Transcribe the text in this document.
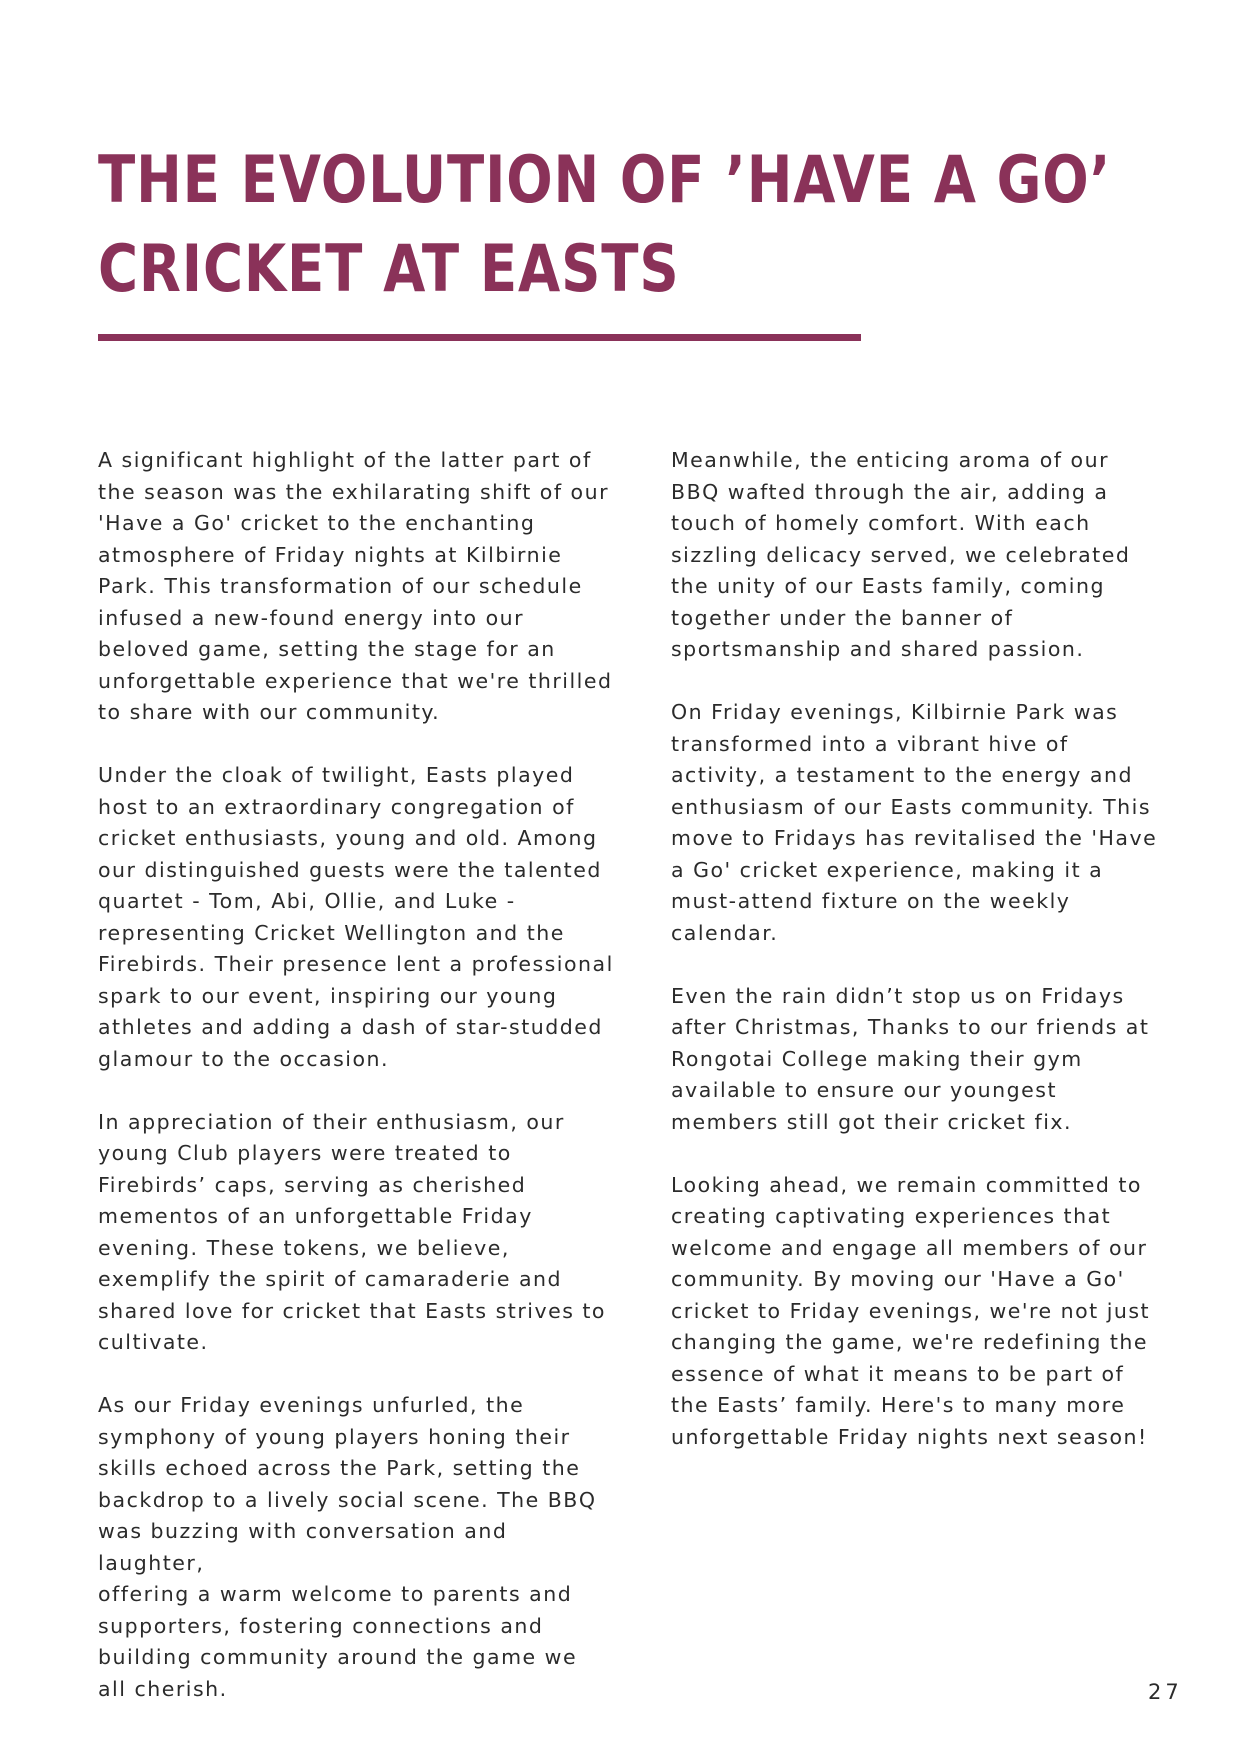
THE EVOLUTION OF ’HAVE A GO’
CRICKET AT EASTS

A significant highlight of the latter part of
the season was the exhilarating shift of our
'Have a Go' cricket to the enchanting
atmosphere of Friday nights at Kilbirnie
Park. This transformation of our schedule
infused a new-found energy into our
beloved game, setting the stage for an
unforgettable experience that we're thrilled
to share with our community.

Under the cloak of twilight, Easts played
host to an extraordinary congregation of
cricket enthusiasts, young and old. Among
our distinguished guests were the talented
quartet - Tom, Abi, Ollie, and Luke -
representing Cricket Wellington and the
Firebirds. Their presence lent a professional
spark to our event, inspiring our young
athletes and adding a dash of star-studded
glamour to the occasion.

In appreciation of their enthusiasm, our
young Club players were treated to
Firebirds’ caps, serving as cherished
mementos of an unforgettable Friday
evening. These tokens, we believe,
exemplify the spirit of camaraderie and
shared love for cricket that Easts strives to
cultivate.

As our Friday evenings unfurled, the
symphony of young players honing their
skills echoed across the Park, setting the
backdrop to a lively social scene. The BBQ
was buzzing with conversation and laughter,
offering a warm welcome to parents and
supporters, fostering connections and
building community around the game we
all cherish.

Meanwhile, the enticing aroma of our
BBQ wafted through the air, adding a
touch of homely comfort. With each
sizzling delicacy served, we celebrated
the unity of our Easts family, coming
together under the banner of
sportsmanship and shared passion.

On Friday evenings, Kilbirnie Park was
transformed into a vibrant hive of
activity, a testament to the energy and
enthusiasm of our Easts community. This
move to Fridays has revitalised the 'Have
a Go' cricket experience, making it a
must-attend fixture on the weekly
calendar.

Even the rain didn’t stop us on Fridays
after Christmas, Thanks to our friends at
Rongotai College making their gym
available to ensure our youngest
members still got their cricket fix.

Looking ahead, we remain committed to
creating captivating experiences that
welcome and engage all members of our
community. By moving our 'Have a Go'
cricket to Friday evenings, we're not just
changing the game, we're redefining the
essence of what it means to be part of
the Easts’ family. Here's to many more
unforgettable Friday nights next season!

27
